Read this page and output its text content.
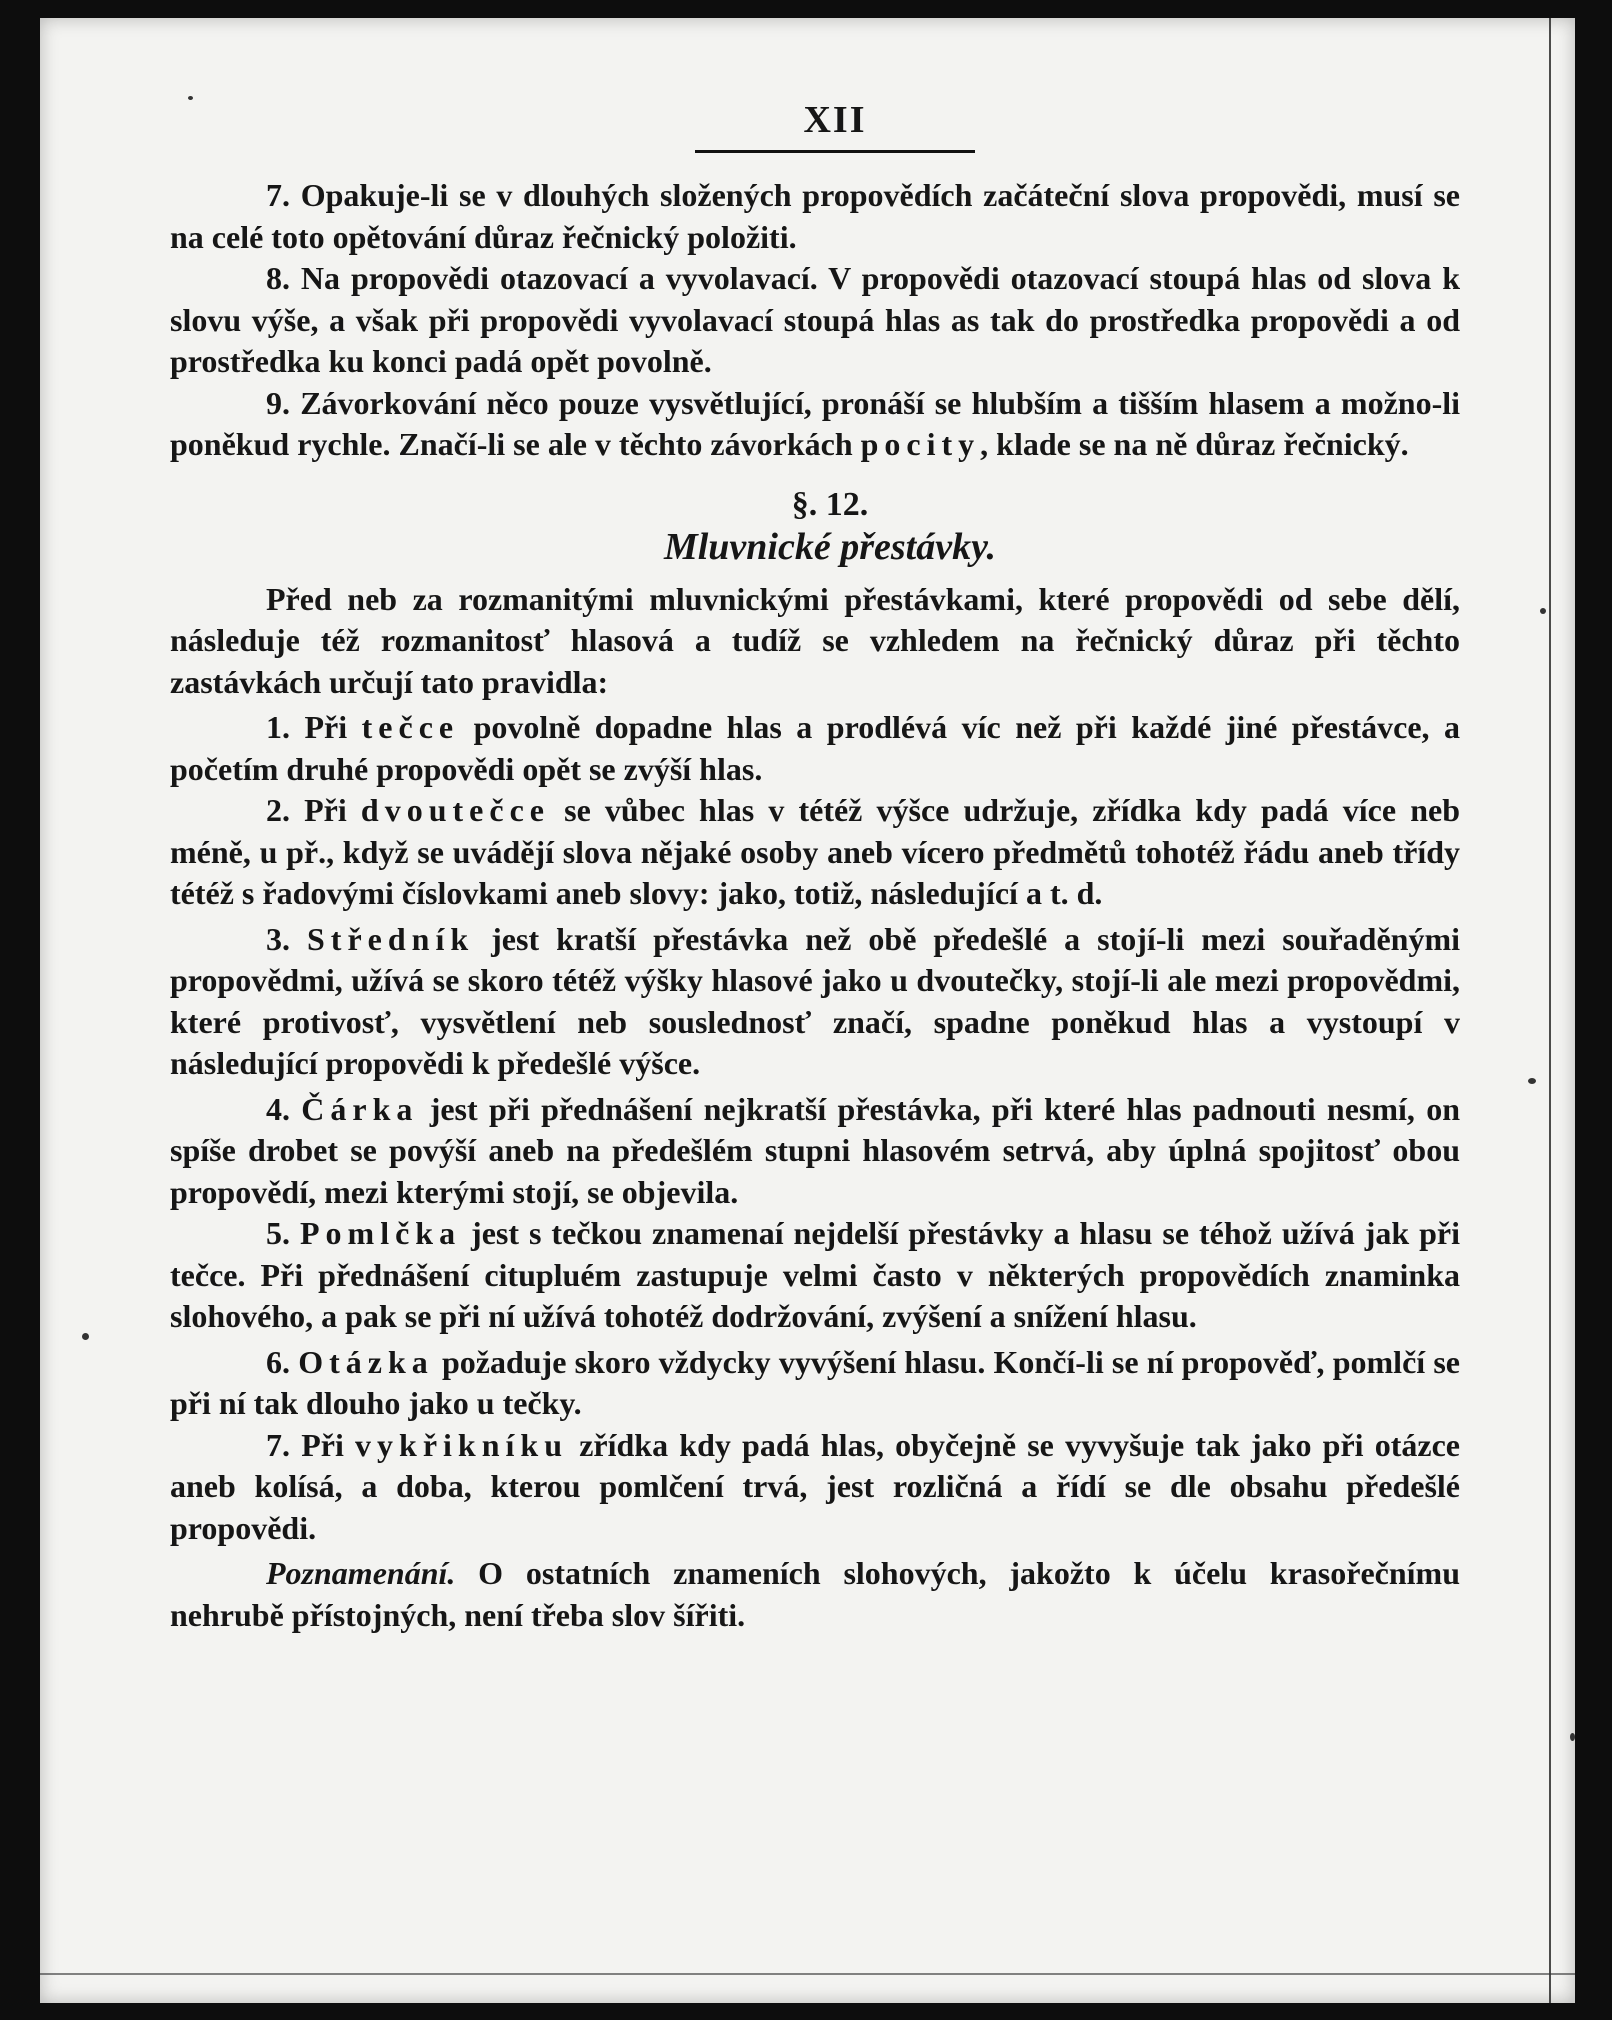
XII

7. Opakuje-li se v dlouhých složených propovědích začáteční slova propovědi, musí se na celé toto opětování důraz řečnický položiti.

8. Na propovědi otazovací a vyvolavací. V propovědi otazovací stoupá hlas od slova k slovu výše, a však při propovědi vyvolavací stoupá hlas as tak do prostředka propovědi a od prostředka ku konci padá opět povolně.

9. Závorkování něco pouze vysvětlující, pronáší se hlubším a tišším hlasem a možno-li poněkud rychle. Značí-li se ale v těchto závorkách pocity, klade se na ně důraz řečnický.

§. 12.
Mluvnické přestávky.

Před neb za rozmanitými mluvnickými přestávkami, které propovědi od sebe dělí, následuje též rozmanitosť hlasová a tudíž se vzhledem na řečnický důraz při těchto zastávkách určují tato pravidla:

1. Při tečce povolně dopadne hlas a prodlévá víc než při každé jiné přestávce, a početím druhé propovědi opět se zvýší hlas.

2. Při dvoutečce se vůbec hlas v tétéž výšce udržuje, zřídka kdy padá více neb méně, u př., když se uvádějí slova nějaké osoby aneb vícero předmětů tohotéž řádu aneb třídy tétéž s řadovými číslovkami aneb slovy: jako, totiž, následující a t. d.

3. Středník jest kratší přestávka než obě předešlé a stojí-li mezi souřaděnými propovědmi, užívá se skoro tétéž výšky hlasové jako u dvoutečky, stojí-li ale mezi propovědmi, které protivosť, vysvětlení neb souslednosť značí, spadne poněkud hlas a vystoupí v následující propovědi k předešlé výšce.

4. Čárka jest při přednášení nejkratší přestávka, při které hlas padnouti nesmí, on spíše drobet se povýší aneb na předešlém stupni hlasovém setrvá, aby úplná spojitosť obou propovědí, mezi kterými stojí, se objevila.

5. Pomlčka jest s tečkou znamenaí nejdelší přestávky a hlasu se téhož užívá jak při tečce. Při přednášení citupluém zastupuje velmi často v některých propovědích znaminka slohového, a pak se při ní užívá tohotéž dodržování, zvýšení a snížení hlasu.

6. Otázka požaduje skoro vždycky vyvýšení hlasu. Končí-li se ní propověď, pomlčí se při ní tak dlouho jako u tečky.

7. Při vykřikníku zřídka kdy padá hlas, obyčejně se vyvyšuje tak jako při otázce aneb kolísá, a doba, kterou pomlčení trvá, jest rozličná a řídí se dle obsahu předešlé propovědi.

Poznamenání. O ostatních znameních slohových, jakožto k účelu krasořečnímu nehrubě přístojných, není třeba slov šířiti.
